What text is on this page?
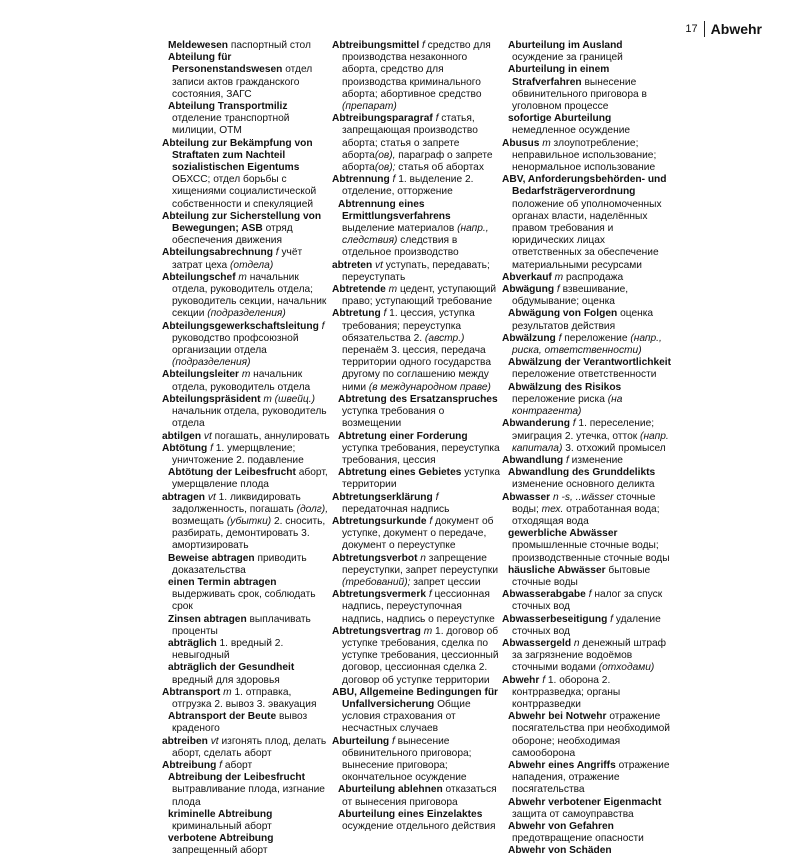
17 Abwehr

Meldewesen паспортный стол

Abteilung für Personenstandswesen отдел записи актов гражданского состояния, ЗАГС

Abteilung Transportmiliz отделение транспортной милиции, ОТМ

Abteilung zur Bekämpfung von Straftaten zum Nachteil sozialistischen Eigentums ОБХСС; отдел борьбы с хищениями социалистической собственности и спекуляцией

Abteilung zur Sicherstellung von Bewegungen; ASB отряд обеспечения движения

Abteilungsabrechnung f учёт затрат цеха (отдела)

Abteilungschef m начальник отдела, руководитель отдела; руководитель секции, начальник секции (подразделения)

Abteilungsgewerkschaftsleitung f руководство профсоюзной организации отдела (подразделения)

Abteilungsleiter m начальник отдела, руководитель отдела

Abteilungspräsident т (швейц.) начальник отдела, руководитель отдела

abtilgen vt погашать, аннулировать

Abtötung f 1. умерщвление; уничтожение 2. подавление

Abtötung der Leibesfrucht аборт, умерщвление плода

abtragen vt 1. ликвидировать задолженность, погашать (долг), возмещать (убытки) 2. сносить, разбирать, демонтировать 3. амортизировать

Beweise abtragen приводить доказательства

einen Termin abtragen выдерживать срок, соблюдать срок

Zinsen abtragen выплачивать проценты

abträglich 1. вредный 2. невыгодный

abträglich der Gesundheit вредный для здоровья

Abtransport m 1. отправка, отгрузка 2. вывоз 3. эвакуация

Abtransport der Beute вывоз краденого

abtreiben vt изгонять плод, делать аборт, сделать аборт

Abtreibung f аборт

Abtreibung der Leibesfrucht вытравливание плода, изгнание плода

kriminelle Abtreibung криминальный аборт

verbotene Abtreibung запрещенный аборт

Abtreibungsmittel f средство для производства незаконного аборта, средство для производства криминального аборта; абортивное средство (препарат)

Abtreibungsparagraf f статья, запрещающая производство аборта; статья о запрете аборта(ов), параграф о запрете аборта(ов); статья об абортах

Abtrennung f 1. выделение 2. отделение, отторжение

Abtrennung eines Ermittlungsverfahrens выделение материалов (напр., следствия) следствия в отдельное производство

abtreten vt уступать, передавать; переуступать

Abtretende m цедент, уступающий право; уступающий требование

Abtretung f 1. цессия, уступка требования; переуступка обязательства 2. (австр.) перенаём 3. цессия, передача территории одного государства другому по соглашению между ними (в международном праве)

Abtretung des Ersatzanspruches уступка требования о возмещении

Abtretung einer Forderung уступка требования, переуступка требования, цессия

Abtretung eines Gebietes уступка территории

Abtretungserklärung f передаточная надпись

Abtretungsurkunde f документ об уступке, документ о передаче, документ о переуступке

Abtretungsverbot n запрещение переуступки, запрет переуступки (требований); запрет цессии

Abtretungsvermerk f цессионная надпись, переуступочная надпись, надпись о переуступке

Abtretungsvertrag m 1. договор об уступке требования, сделка по уступке требования, цессионный договор, цессионная сделка 2. договор об уступке территории

ABU, Allgemeine Bedingungen für Unfallversicherung Общие условия страхования от несчастных случаев

Aburteilung f вынесение обвинительного приговора; вынесение приговора; окончательное осуждение

Aburteilung ablehnen отказаться от вынесения приговора

Aburteilung eines Einzelaktes осуждение отдельного действия

Aburteilung im Ausland осуждение за границей

Aburteilung in einem Strafverfahren вынесение обвинительного приговора в уголовном процессе

sofortige Aburteilung немедленное осуждение

Abusus m злоупотребление; неправильное использование; ненормальное использование

ABV, Anforderungsbehörden- und Bedarfsträgerverordnung положение об уполномоченных органах власти, наделённых правом требования и юридических лицах ответственных за обеспечение материальными ресурсами

Abverkauf m распродажа

Abwägung f взвешивание, обдумывание; оценка

Abwägung von Folgen оценка результатов действия

Abwälzung f переложение (напр., риска, ответственности)

Abwälzung der Verantwortlichkeit переложение ответственности

Abwälzung des Risikos переложение риска (на контрагента)

Abwanderung f 1. переселение; эмиграция 2. утечка, отток (напр. капитала) 3. отхожий промысел

Abwandlung f изменение

Abwandlung des Grunddelikts изменение основного деликта

Abwasser n -s, ..wässer сточные воды; тех. отработанная вода; отходящая вода

gewerbliche Abwässer промышленные сточные воды; производственные сточные воды

häusliche Abwässer бытовые сточные воды

Abwasserabgabe f налог за спуск сточных вод

Abwasserbeseitigung f удаление сточных вод

Abwassergeld n денежный штраф за загрязнение водоёмов сточными водами (отходами)

Abwehr f 1. оборона 2. контрразведка; органы контрразведки

Abwehr bei Notwehr отражение посягательства при необходимой обороне; необходимая самооборона

Abwehr eines Angriffs отражение нападения, отражение посягательства

Abwehr verbotener Eigenmacht защита от самоуправства

Abwehr von Gefahren предотвращение опасности

Abwehr von Schäden
